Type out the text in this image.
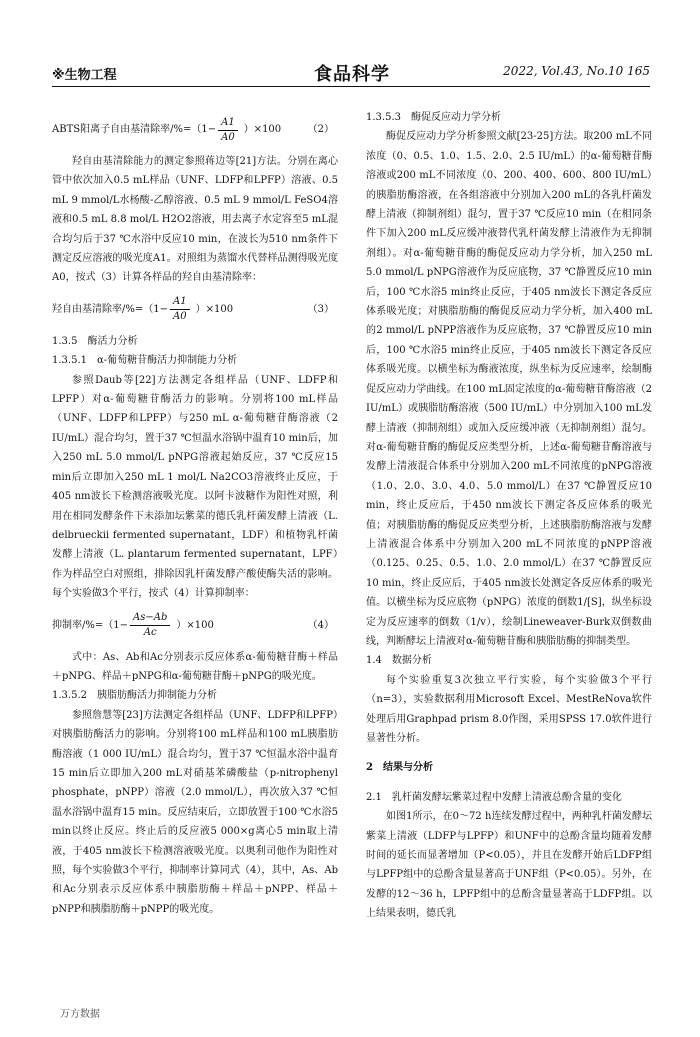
※生物工程	食品科学	2022, Vol.43, No.10 165
ABTS阳离子自由基清除率$/\%=(1- \frac{A1}{A0} )\times 100$	（2）

羟自由基清除能力的测定参照蒋边等[21]方法。分别在离心管中依次加入0.5 mL样品（UNF、LDFP和LPFP）溶液、0.5 mL 9 mmol/L水杨酸-乙醇溶液、0.5 mL 9 mmol/L FeSO4溶液和0.5 mL 8.8 mol/L H2O2溶液，用去离子水定容至5 mL混合均匀后于37 ℃水浴中反应10 min，在波长为510 nm条件下测定反应溶液的吸光度A1。对照组为蒸馏水代替样品测得吸光度A0，按式（3）计算各样品的羟自由基清除率：

羟自由基清除率$/\%=(1- \frac{A1}{A0} )\times 100$	（3）

1.3.5　酶活力分析

1.3.5.1　α-葡萄糖苷酶活力抑制能力分析

参照Daub等[22]方法测定各组样品（UNF、LDFP和LPFP）对α-葡萄糖苷酶活力的影响。分别将100 mL样品（UNF、LDFP和LPFP）与250 mL α-葡萄糖苷酶溶液（2 IU/mL）混合均匀，置于37 ℃恒温水浴锅中温育10 min后，加入250 mL 5.0 mmol/L pNPG溶液起始反应，37 ℃反应15 min后立即加入250 mL 1 mol/L Na2CO3溶液终止反应，于405 nm波长下检测溶液吸光度。以阿卡波糖作为阳性对照，利用在相同发酵条件下未添加坛紫菜的德氏乳杆菌发酵上清液（L. delbrueckii fermented supernatant，LDF）和植物乳杆菌发酵上清液（L. plantarum fermented supernatant，LPF）作为样品空白对照组，排除因乳杆菌发酵产酸使酶失活的影响。每个实验做3个平行，按式（4）计算抑制率：

抑制率$/\%=(1- \frac{As-Ab}{Ac} )\times 100$	（4）

式中：As、Ab和Ac分别表示反应体系α-葡萄糖苷酶＋样品＋pNPG、样品＋pNPG和α-葡萄糖苷酶＋pNPG的吸光度。

1.3.5.2　胰脂肪酶活力抑制能力分析

参照詹慧等[23]方法测定各组样品（UNF、LDFP和LPFP）对胰脂肪酶活力的影响。分别将100 mL样品和100 mL胰脂肪酶溶液（1 000 IU/mL）混合均匀，置于37 ℃恒温水浴中温育15 min后立即加入200 mL对硝基苯磷酸盐（p-nitrophenyl phosphate，pNPP）溶液（2.0 mmol/L），再次放入37 ℃恒温水浴锅中温育15 min。反应结束后，立即放置于100 ℃水浴5 min以终止反应。终止后的反应液5 000×g离心5 min取上清液，于405 nm波长下检测溶液吸光度。以奥利司他作为阳性对照，每个实验做3个平行，抑制率计算同式（4），其中，As、Ab和Ac分别表示反应体系中胰脂肪酶＋样品＋pNPP、样品＋pNPP和胰脂肪酶＋pNPP的吸光度。

1.3.5.3　酶促反应动力学分析

酶促反应动力学分析参照文献[23-25]方法。取200 mL不同浓度（0、0.5、1.0、1.5、2.0、2.5 IU/mL）的α-葡萄糖苷酶溶液或200 mL不同浓度（0、200、400、600、800 IU/mL）的胰脂肪酶溶液，在各组溶液中分别加入200 mL的各乳杆菌发酵上清液（抑制剂组）混匀，置于37 ℃反应10 min（在相同条件下加入200 mL反应缓冲液替代乳杆菌发酵上清液作为无抑制剂组）。对α-葡萄糖苷酶的酶促反应动力学分析，加入250 mL 5.0 mmol/L pNPG溶液作为反应底物，37 ℃静置反应10 min后，100 ℃水浴5 min终止反应，于405 nm波长下测定各反应体系吸光度；对胰脂肪酶的酶促反应动力学分析，加入400 mL的2 mmol/L pNPP溶液作为反应底物，37 ℃静置反应10 min后，100 ℃水浴5 min终止反应，于405 nm波长下测定各反应体系吸光度。以横坐标为酶液浓度，纵坐标为反应速率，绘制酶促反应动力学曲线。在100 mL固定浓度的α-葡萄糖苷酶溶液（2 IU/mL）或胰脂肪酶溶液（500 IU/mL）中分别加入100 mL发酵上清液（抑制剂组）或加入反应缓冲液（无抑制剂组）混匀。对α-葡萄糖苷酶的酶促反应类型分析，上述α-葡萄糖苷酶溶液与发酵上清液混合体系中分别加入200 mL不同浓度的pNPG溶液（1.0、2.0、3.0、4.0、5.0 mmol/L）在37 ℃静置反应10 min，终止反应后，于450 nm波长下测定各反应体系的吸光值；对胰脂肪酶的酶促反应类型分析，上述胰脂肪酶溶液与发酵上清液混合体系中分别加入200 mL不同浓度的pNPP溶液（0.125、0.25、0.5、1.0、2.0 mmol/L）在37 ℃静置反应10 min，终止反应后，于405 nm波长处测定各反应体系的吸光值。以横坐标为反应底物（pNPG）浓度的倒数1/[S]，纵坐标设定为反应速率的倒数（1/v），绘制Lineweaver-Burk双倒数曲线，判断酵坛上清液对α-葡萄糖苷酶和胰脂肪酶的抑制类型。

1.4　数据分析

每个实验重复3次独立平行实验，每个实验做3个平行（n=3），实验数据利用Microsoft Excel、MestReNova软件处理后用Graphpad prism 8.0作图，采用SPSS 17.0软件进行显著性分析。

2　结果与分析

2.1　乳杆菌发酵坛紫菜过程中发酵上清液总酚含量的变化

如图1所示，在0～72 h连续发酵过程中，两种乳杆菌发酵坛紫菜上清液（LDFP与LPFP）和UNF中的总酚含量均随着发酵时间的延长而显著增加（P<0.05），并且在发酵开始后LDFP组与LPFP组中的总酚含量显著高于UNF组（P<0.05）。另外，在发酵的12～36 h，LPFP组中的总酚含量显著高于LDFP组。以上结果表明，德氏乳

万方数据
